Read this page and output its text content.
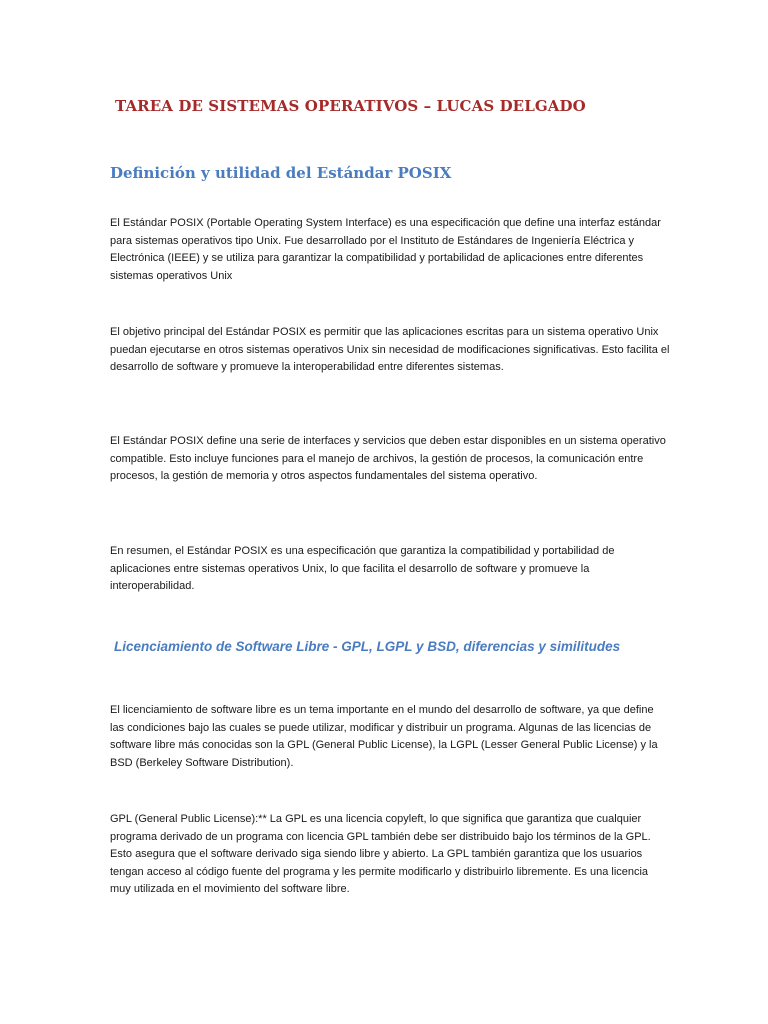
TAREA DE SISTEMAS OPERATIVOS – LUCAS DELGADO
Definición y utilidad del Estándar POSIX

El Estándar POSIX (Portable Operating System Interface) es una especificación que define una interfaz estándar para sistemas operativos tipo Unix. Fue desarrollado por el Instituto de Estándares de Ingeniería Eléctrica y Electrónica (IEEE) y se utiliza para garantizar la compatibilidad y portabilidad de aplicaciones entre diferentes sistemas operativos Unix

El objetivo principal del Estándar POSIX es permitir que las aplicaciones escritas para un sistema operativo Unix puedan ejecutarse en otros sistemas operativos Unix sin necesidad de modificaciones significativas. Esto facilita el desarrollo de software y promueve la interoperabilidad entre diferentes sistemas.

El Estándar POSIX define una serie de interfaces y servicios que deben estar disponibles en un sistema operativo compatible. Esto incluye funciones para el manejo de archivos, la gestión de procesos, la comunicación entre procesos, la gestión de memoria y otros aspectos fundamentales del sistema operativo.

En resumen, el Estándar POSIX es una especificación que garantiza la compatibilidad y portabilidad de aplicaciones entre sistemas operativos Unix, lo que facilita el desarrollo de software y promueve la interoperabilidad.

Licenciamiento de Software Libre - GPL, LGPL y BSD, diferencias y similitudes

El licenciamiento de software libre es un tema importante en el mundo del desarrollo de software, ya que define las condiciones bajo las cuales se puede utilizar, modificar y distribuir un programa. Algunas de las licencias de software libre más conocidas son la GPL (General Public License), la LGPL (Lesser General Public License) y la BSD (Berkeley Software Distribution).

GPL (General Public License):** La GPL es una licencia copyleft, lo que significa que garantiza que cualquier programa derivado de un programa con licencia GPL también debe ser distribuido bajo los términos de la GPL. Esto asegura que el software derivado siga siendo libre y abierto. La GPL también garantiza que los usuarios tengan acceso al código fuente del programa y les permite modificarlo y distribuirlo libremente. Es una licencia muy utilizada en el movimiento del software libre.
